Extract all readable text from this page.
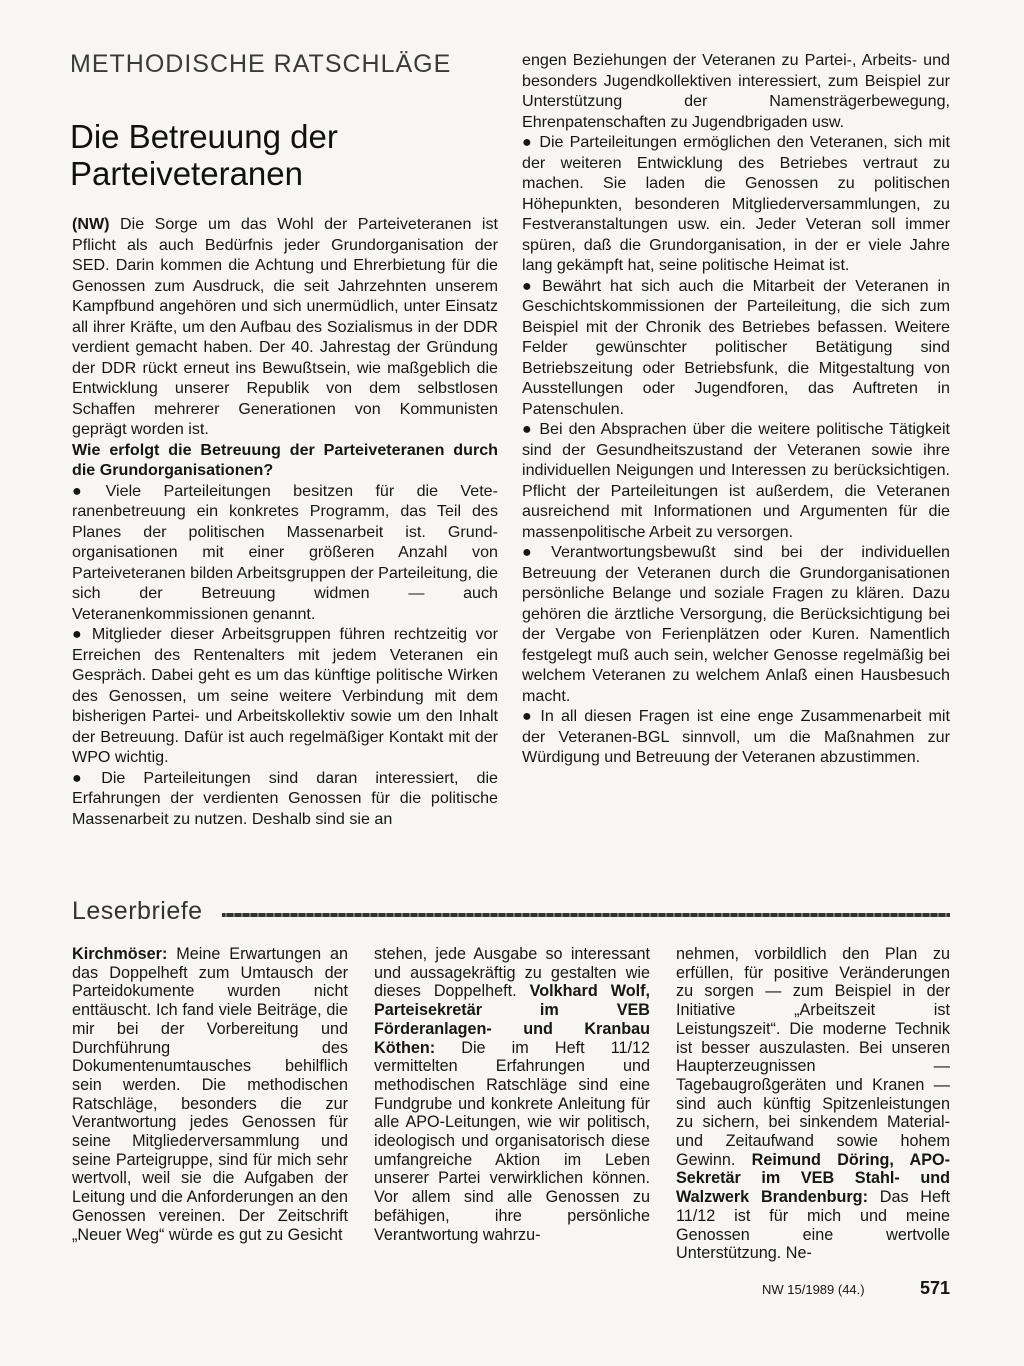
METHODISCHE RATSCHLÄGE
Die Betreuung der
Parteiveteranen

(NW) Die Sorge um das Wohl der Parteiveteranen ist Pflicht als auch Bedürfnis jeder Grundorganisation der SED. Darin kommen die Achtung und Ehrerbietung für die Genossen zum Ausdruck, die seit Jahrzehnten unserem Kampfbund angehören und sich unermüdlich, unter Einsatz all ihrer Kräfte, um den Aufbau des Sozialismus in der DDR verdient gemacht haben. Der 40. Jahrestag der Gründung der DDR rückt erneut ins Bewußtsein, wie maßgeblich die Entwicklung unserer Republik von dem selbstlosen Schaffen mehrerer Generationen von Kommunisten geprägt worden ist.

Wie erfolgt die Betreuung der Parteiveteranen durch die Grundorganisationen?

● Viele Parteileitungen besitzen für die Veteranenbetreuung ein konkretes Programm, das Teil des Planes der politischen Massenarbeit ist. Grundorganisationen mit einer größeren Anzahl von Parteiveteranen bilden Arbeitsgruppen der Parteileitung, die sich der Betreuung widmen — auch Veteranenkommissionen genannt.

● Mitglieder dieser Arbeitsgruppen führen rechtzeitig vor Erreichen des Rentenalters mit jedem Veteranen ein Gespräch. Dabei geht es um das künftige politische Wirken des Genossen, um seine weitere Verbindung mit dem bisherigen Partei- und Arbeitskollektiv sowie um den Inhalt der Betreuung. Dafür ist auch regelmäßiger Kontakt mit der WPO wichtig.

● Die Parteileitungen sind daran interessiert, die Erfahrungen der verdienten Genossen für die politische Massenarbeit zu nutzen. Deshalb sind sie an

engen Beziehungen der Veteranen zu Partei-, Arbeits- und besonders Jugendkollektiven interessiert, zum Beispiel zur Unterstützung der Namensträgerbewegung, Ehrenpatenschaften zu Jugendbrigaden usw.

● Die Parteileitungen ermöglichen den Veteranen, sich mit der weiteren Entwicklung des Betriebes vertraut zu machen. Sie laden die Genossen zu politischen Höhepunkten, besonderen Mitgliederversammlungen, zu Festveranstaltungen usw. ein. Jeder Veteran soll immer spüren, daß die Grundorganisation, in der er viele Jahre lang gekämpft hat, seine politische Heimat ist.

● Bewährt hat sich auch die Mitarbeit der Veteranen in Geschichtskommissionen der Parteileitung, die sich zum Beispiel mit der Chronik des Betriebes befassen. Weitere Felder gewünschter politischer Betätigung sind Betriebszeitung oder Betriebsfunk, die Mitgestaltung von Ausstellungen oder Jugendforen, das Auftreten in Patenschulen.

● Bei den Absprachen über die weitere politische Tätigkeit sind der Gesundheitszustand der Veteranen sowie ihre individuellen Neigungen und Interessen zu berücksichtigen. Pflicht der Parteileitungen ist außerdem, die Veteranen ausreichend mit Informationen und Argumenten für die massenpolitische Arbeit zu versorgen.

● Verantwortungsbewußt sind bei der individuellen Betreuung der Veteranen durch die Grundorganisationen persönliche Belange und soziale Fragen zu klären. Dazu gehören die ärztliche Versorgung, die Berücksichtigung bei der Vergabe von Ferienplätzen oder Kuren. Namentlich festgelegt muß auch sein, welcher Genosse regelmäßig bei welchem Veteranen zu welchem Anlaß einen Hausbesuch macht.

● In all diesen Fragen ist eine enge Zusammenarbeit mit der Veteranen-BGL sinnvoll, um die Maßnahmen zur Würdigung und Betreuung der Veteranen abzustimmen.

Leserbriefe
Kirchmöser: Meine Erwartungen an das Doppelheft zum Umtausch der Parteidokumente wurden nicht enttäuscht. Ich fand viele Beiträge, die mir bei der Vorbereitung und Durchführung des Dokumentenumtausches behilflich sein werden. Die methodischen Ratschläge, besonders die zur Verantwortung jedes Genossen für seine Mitgliederversammlung und seine Parteigruppe, sind für mich sehr wertvoll, weil sie die Aufgaben der Leitung und die Anforderungen an den Genossen vereinen. Der Zeitschrift „Neuer Weg“ würde es gut zu Gesicht
stehen, jede Ausgabe so interessant und aussagekräftig zu gestalten wie dieses Doppelheft. Volkhard Wolf, Parteisekretär im VEB Förderanlagen- und Kranbau Köthen: Die im Heft 11/12 vermittelten Erfahrungen und methodischen Ratschläge sind eine Fundgrube und konkrete Anleitung für alle APO-Leitungen, wie wir politisch, ideologisch und organisatorisch diese umfangreiche Aktion im Leben unserer Partei verwirklichen können. Vor allem sind alle Genossen zu befähigen, ihre persönliche Verantwortung wahrzu-
nehmen, vorbildlich den Plan zu erfüllen, für positive Veränderungen zu sorgen — zum Beispiel in der Initiative „Arbeitszeit ist Leistungszeit“. Die moderne Technik ist besser auszulasten. Bei unseren Haupterzeugnissen — Tagebaugroßgeräten und Kranen — sind auch künftig Spitzenleistungen zu sichern, bei sinkendem Material- und Zeitaufwand sowie hohem Gewinn. Reimund Döring, APO-Sekretär im VEB Stahl- und Walzwerk Brandenburg: Das Heft 11/12 ist für mich und meine Genossen eine wertvolle Unterstützung. Ne-
NW 15/1989 (44.)	571
